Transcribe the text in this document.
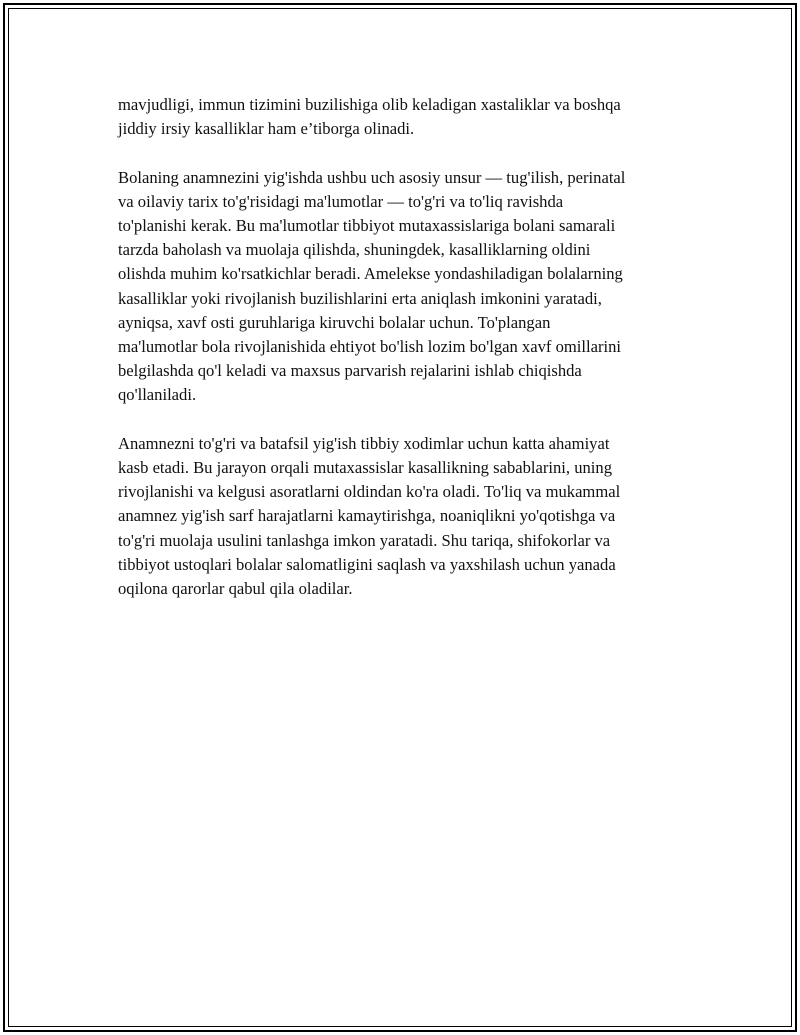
mavjudligi, immun tizimini buzilishiga olib keladigan xastaliklar va boshqa
jiddiy irsiy kasalliklar ham e’tiborga olinadi.

Bolaning anamnezini yig'ishda ushbu uch asosiy unsur — tug'ilish, perinatal
va oilaviy tarix to'g'risidagi ma'lumotlar — to'g'ri va to'liq ravishda
to'planishi kerak. Bu ma'lumotlar tibbiyot mutaxassislariga bolani samarali
tarzda baholash va muolaja qilishda, shuningdek, kasalliklarning oldini
olishda muhim ko'rsatkichlar beradi. Amelekse yondashiladigan bolalarning
kasalliklar yoki rivojlanish buzilishlarini erta aniqlash imkonini yaratadi,
ayniqsa, xavf osti guruhlariga kiruvchi bolalar uchun. To'plangan
ma'lumotlar bola rivojlanishida ehtiyot bo'lish lozim bo'lgan xavf omillarini
belgilashda qo'l keladi va maxsus parvarish rejalarini ishlab chiqishda
qo'llaniladi.

Anamnezni to'g'ri va batafsil yig'ish tibbiy xodimlar uchun katta ahamiyat
kasb etadi. Bu jarayon orqali mutaxassislar kasallikning sabablarini, uning
rivojlanishi va kelgusi asoratlarni oldindan ko'ra oladi. To'liq va mukammal
anamnez yig'ish sarf harajatlarni kamaytirishga, noaniqlikni yo'qotishga va
to'g'ri muolaja usulini tanlashga imkon yaratadi. Shu tariqa, shifokorlar va
tibbiyot ustoqlari bolalar salomatligini saqlash va yaxshilash uchun yanada
oqilona qarorlar qabul qila oladilar.
